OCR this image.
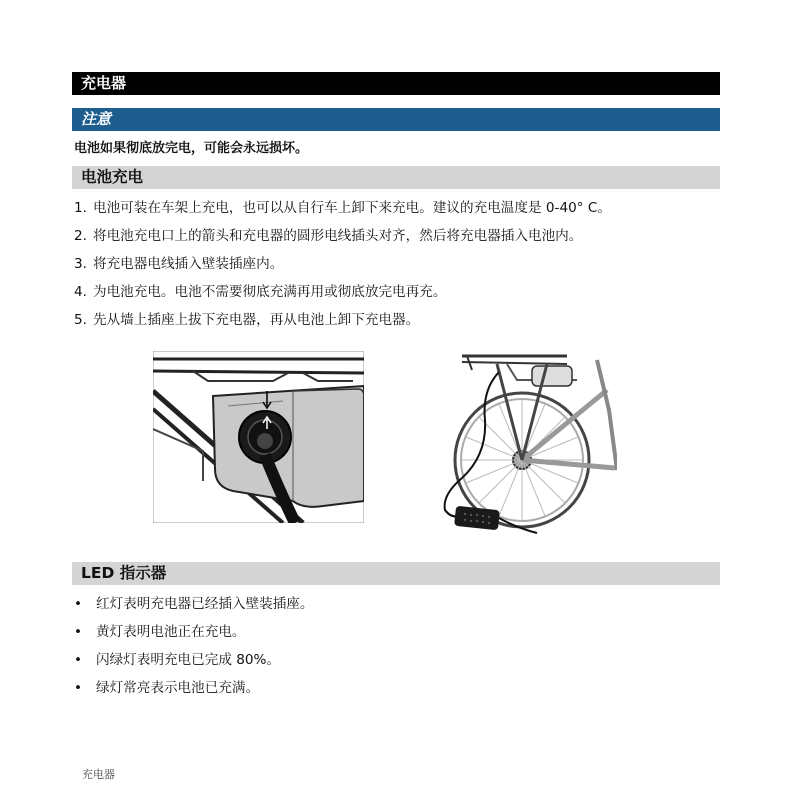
充电器
注意
电池如果彻底放完电，可能会永远损坏。
电池充电
1. 电池可装在车架上充电，也可以从自行车上卸下来充电。建议的充电温度是 0-40° C。
2. 将电池充电口上的箭头和充电器的圆形电线插头对齐，然后将充电器插入电池内。
3. 将充电器电线插入壁装插座内。
4. 为电池充电。电池不需要彻底充满再用或彻底放完电再充。
5. 先从墙上插座上拔下充电器，再从电池上卸下充电器。
LED 指示器
• 红灯表明充电器已经插入壁装插座。
• 黄灯表明电池正在充电。
• 闪绿灯表明充电已完成 80%。
• 绿灯常亮表示电池已充满。
充电器
